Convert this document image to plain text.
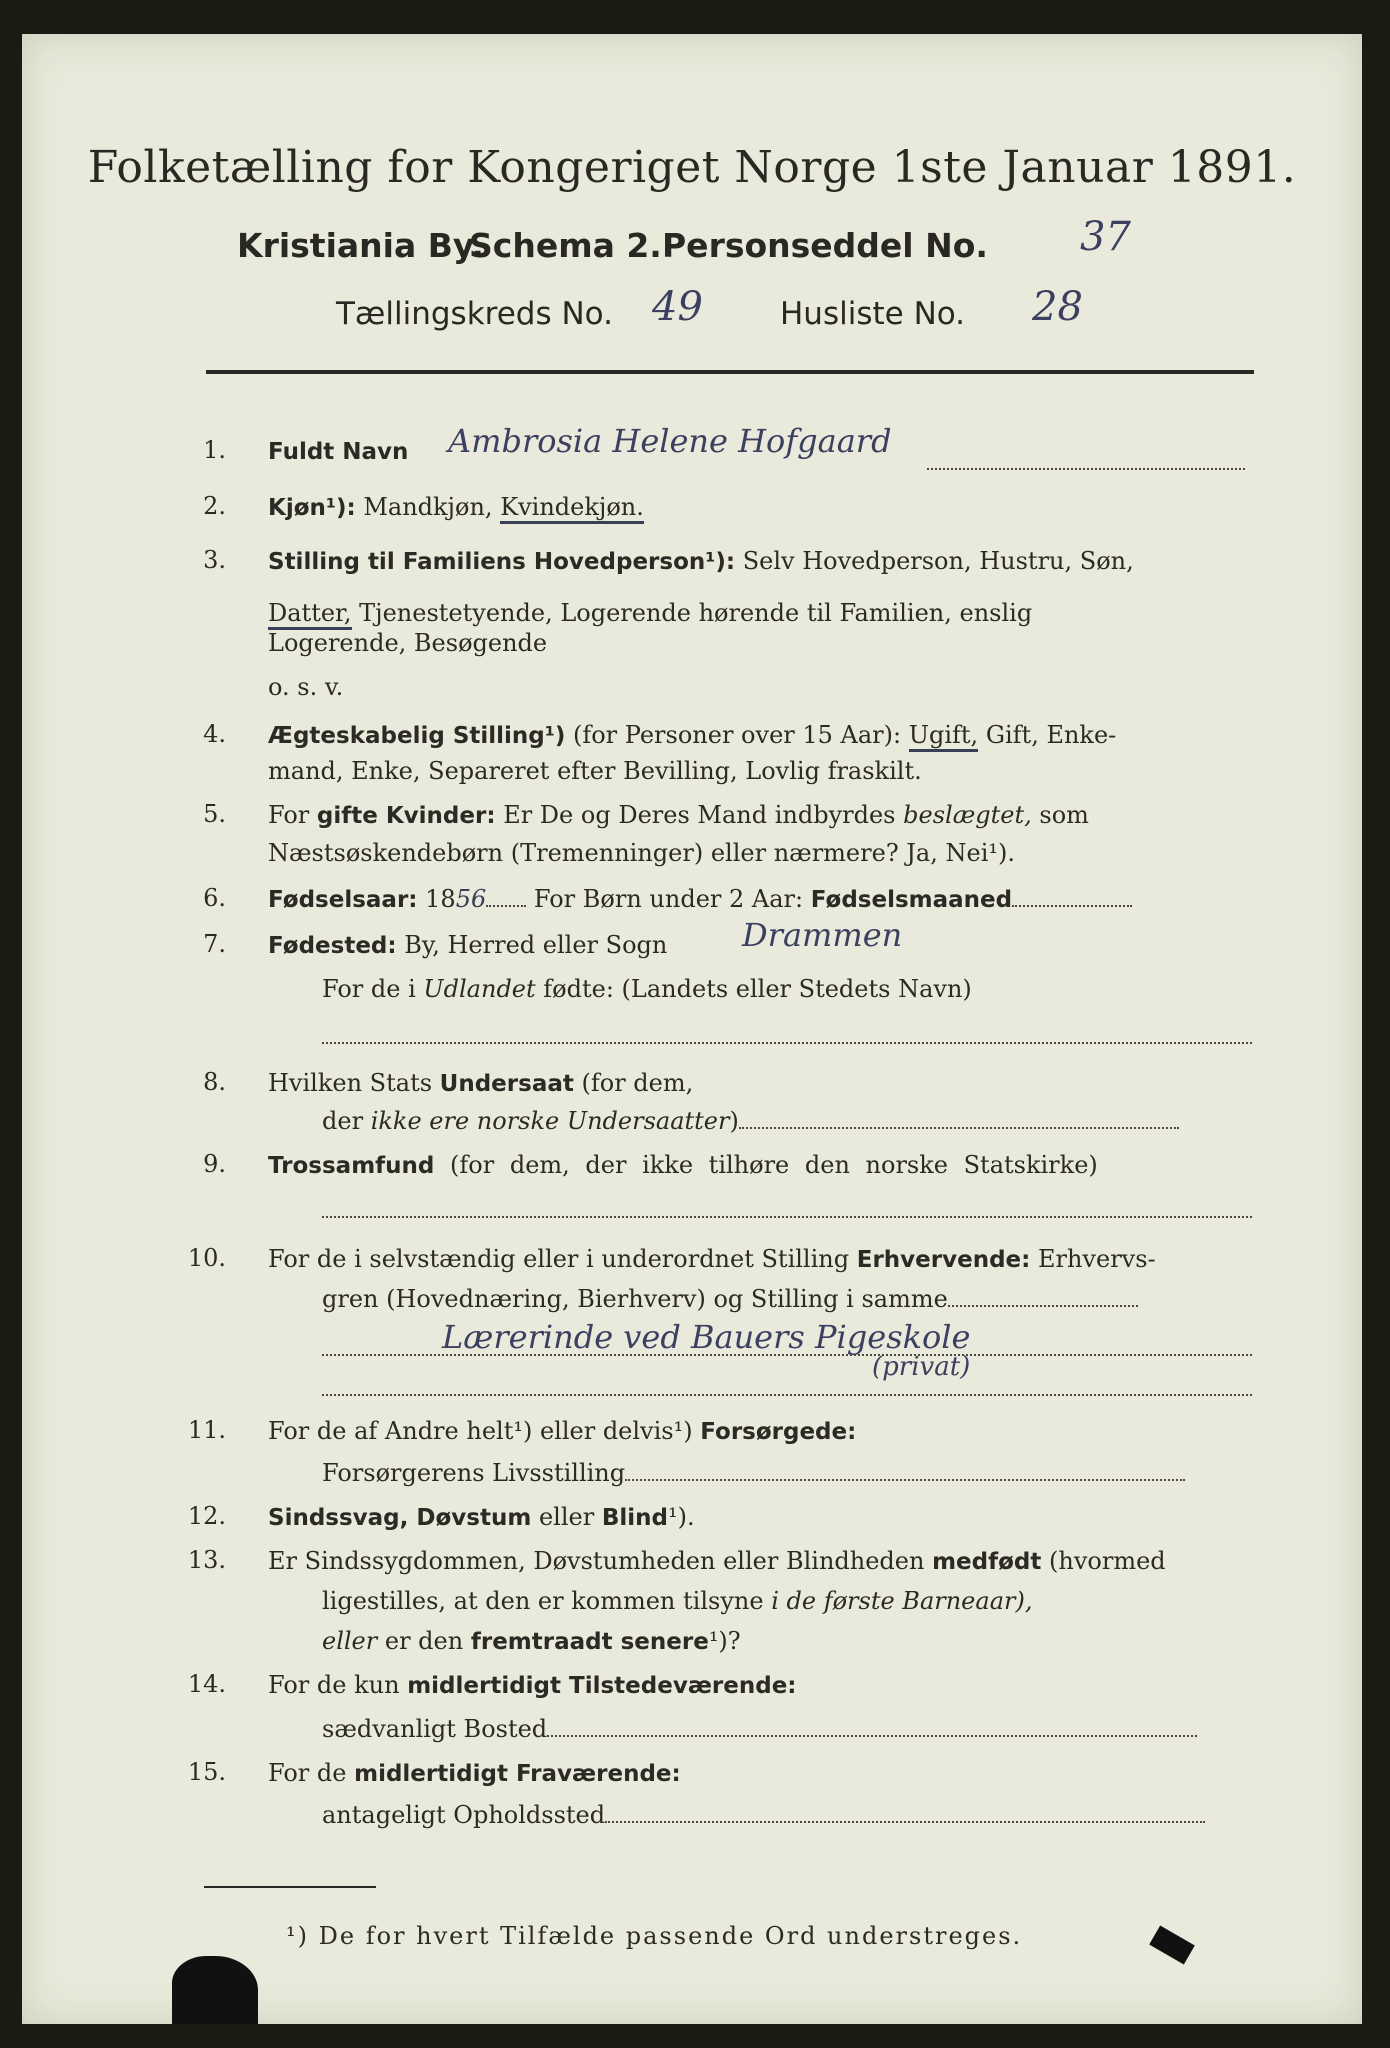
Folketælling for Kongeriget Norge 1ste Januar 1891.
Kristiania By.
Schema 2. Personseddel No. 37
Tællingskreds No. 49 Husliste No. 28
1. Fuldt Navn Ambrosia Helene Hofgaard
2. Kjøn¹): Mandkjøn, Kvindekjøn.
3. Stilling til Familiens Hovedperson¹): Selv Hovedperson, Hustru, Søn,
Datter, Tjenestetyende, Logerende hørende til Familien, enslig
Logerende, Besøgende
o. s. v.
4. Ægteskabelig Stilling¹) (for Personer over 15 Aar): Ugift, Gift, Enke-
mand, Enke, Separeret efter Bevilling, Lovlig fraskilt.
5. For gifte Kvinder: Er De og Deres Mand indbyrdes beslægtet, som
Næstsøskendebørn (Tremenninger) eller nærmere? Ja, Nei¹).
6. Fødselsaar: 1856 For Børn under 2 Aar: Fødselsmaaned
7. Fødested: By, Herred eller Sogn Drammen
For de i Udlandet fødte: (Landets eller Stedets Navn)
8. Hvilken Stats Undersaat (for dem,
der ikke ere norske Undersaatter)
9. Trossamfund (for dem, der ikke tilhøre den norske Statskirke)
10. For de i selvstændig eller i underordnet Stilling Erhvervende: Erhvervs-
gren (Hovednæring, Bierhverv) og Stilling i samme
Lærerinde ved Bauers Pigeskole
(privat)
11. For de af Andre helt¹) eller delvis¹) Forsørgede:
Forsørgerens Livsstilling
12. Sindssvag, Døvstum eller Blind¹).
13. Er Sindssygdommen, Døvstumheden eller Blindheden medfødt (hvormed
ligestilles, at den er kommen tilsyne i de første Barneaar),
eller er den fremtraadt senere¹)?
14. For de kun midlertidigt Tilstedeværende:
sædvanligt Bosted
15. For de midlertidigt Fraværende:
antageligt Opholdssted
¹) De for hvert Tilfælde passende Ord understreges.
